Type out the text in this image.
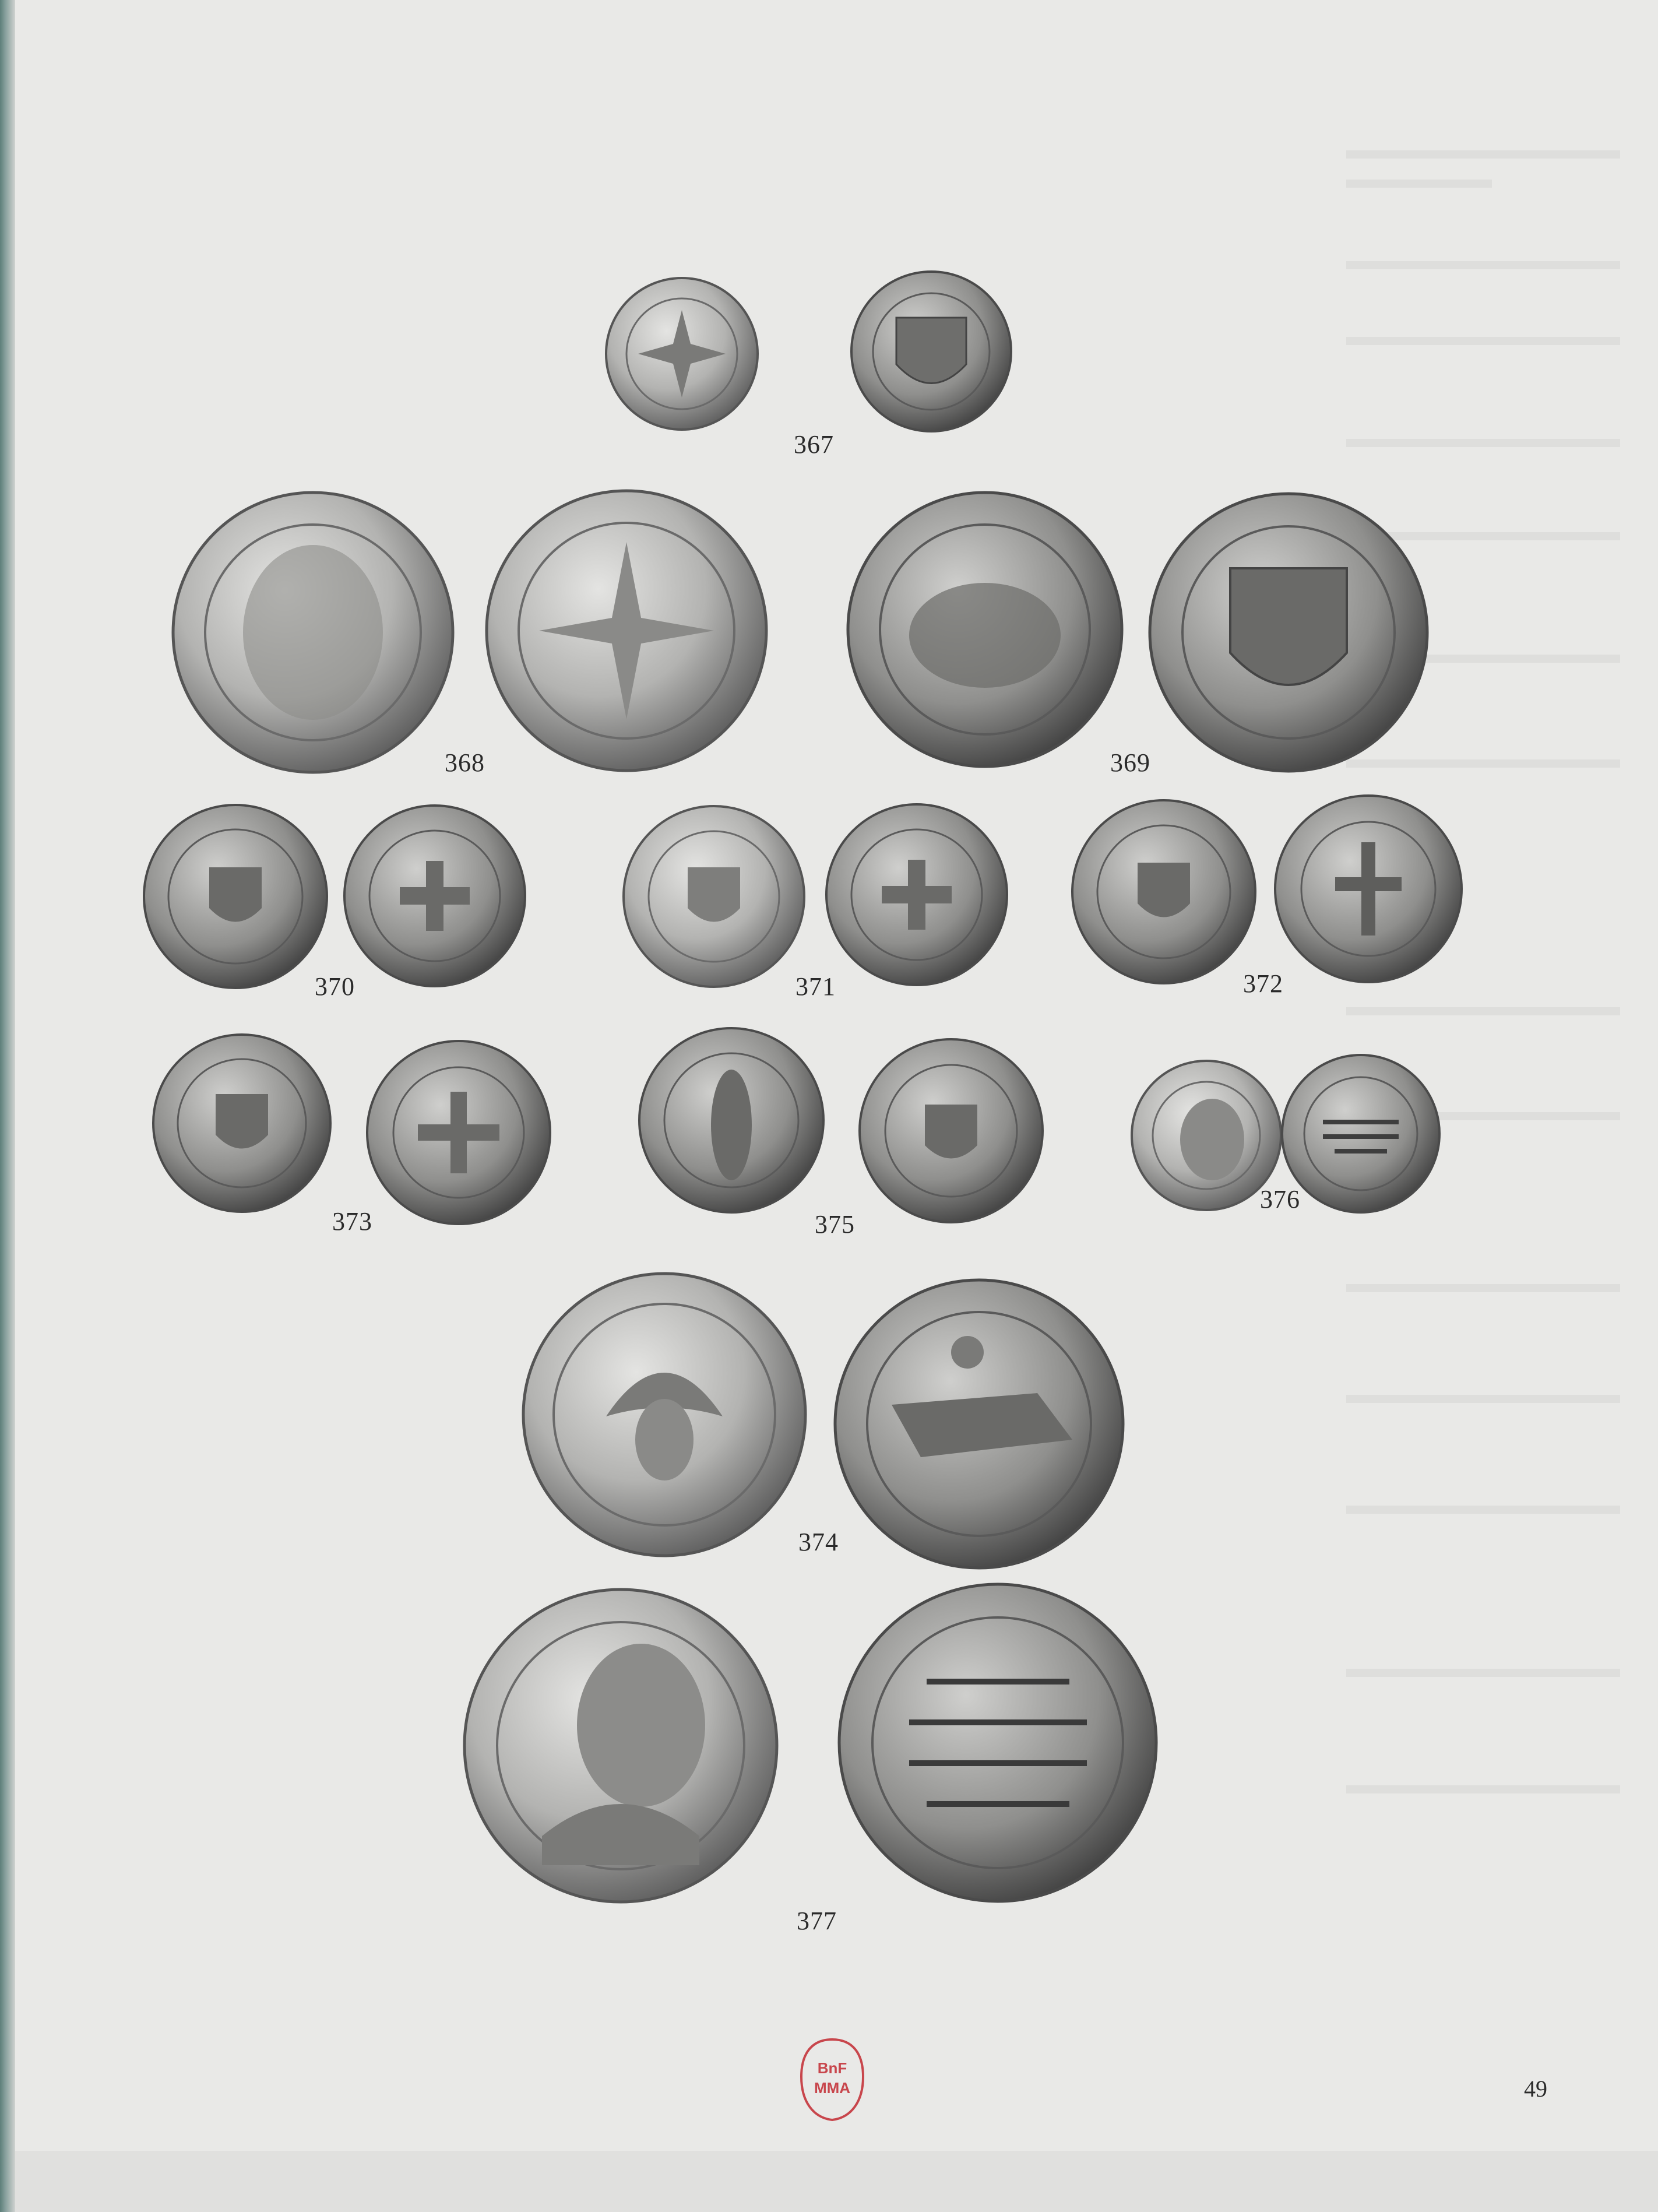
367
368	369
370	371	372
373	375
376
374
377
BnF
MMA	49
